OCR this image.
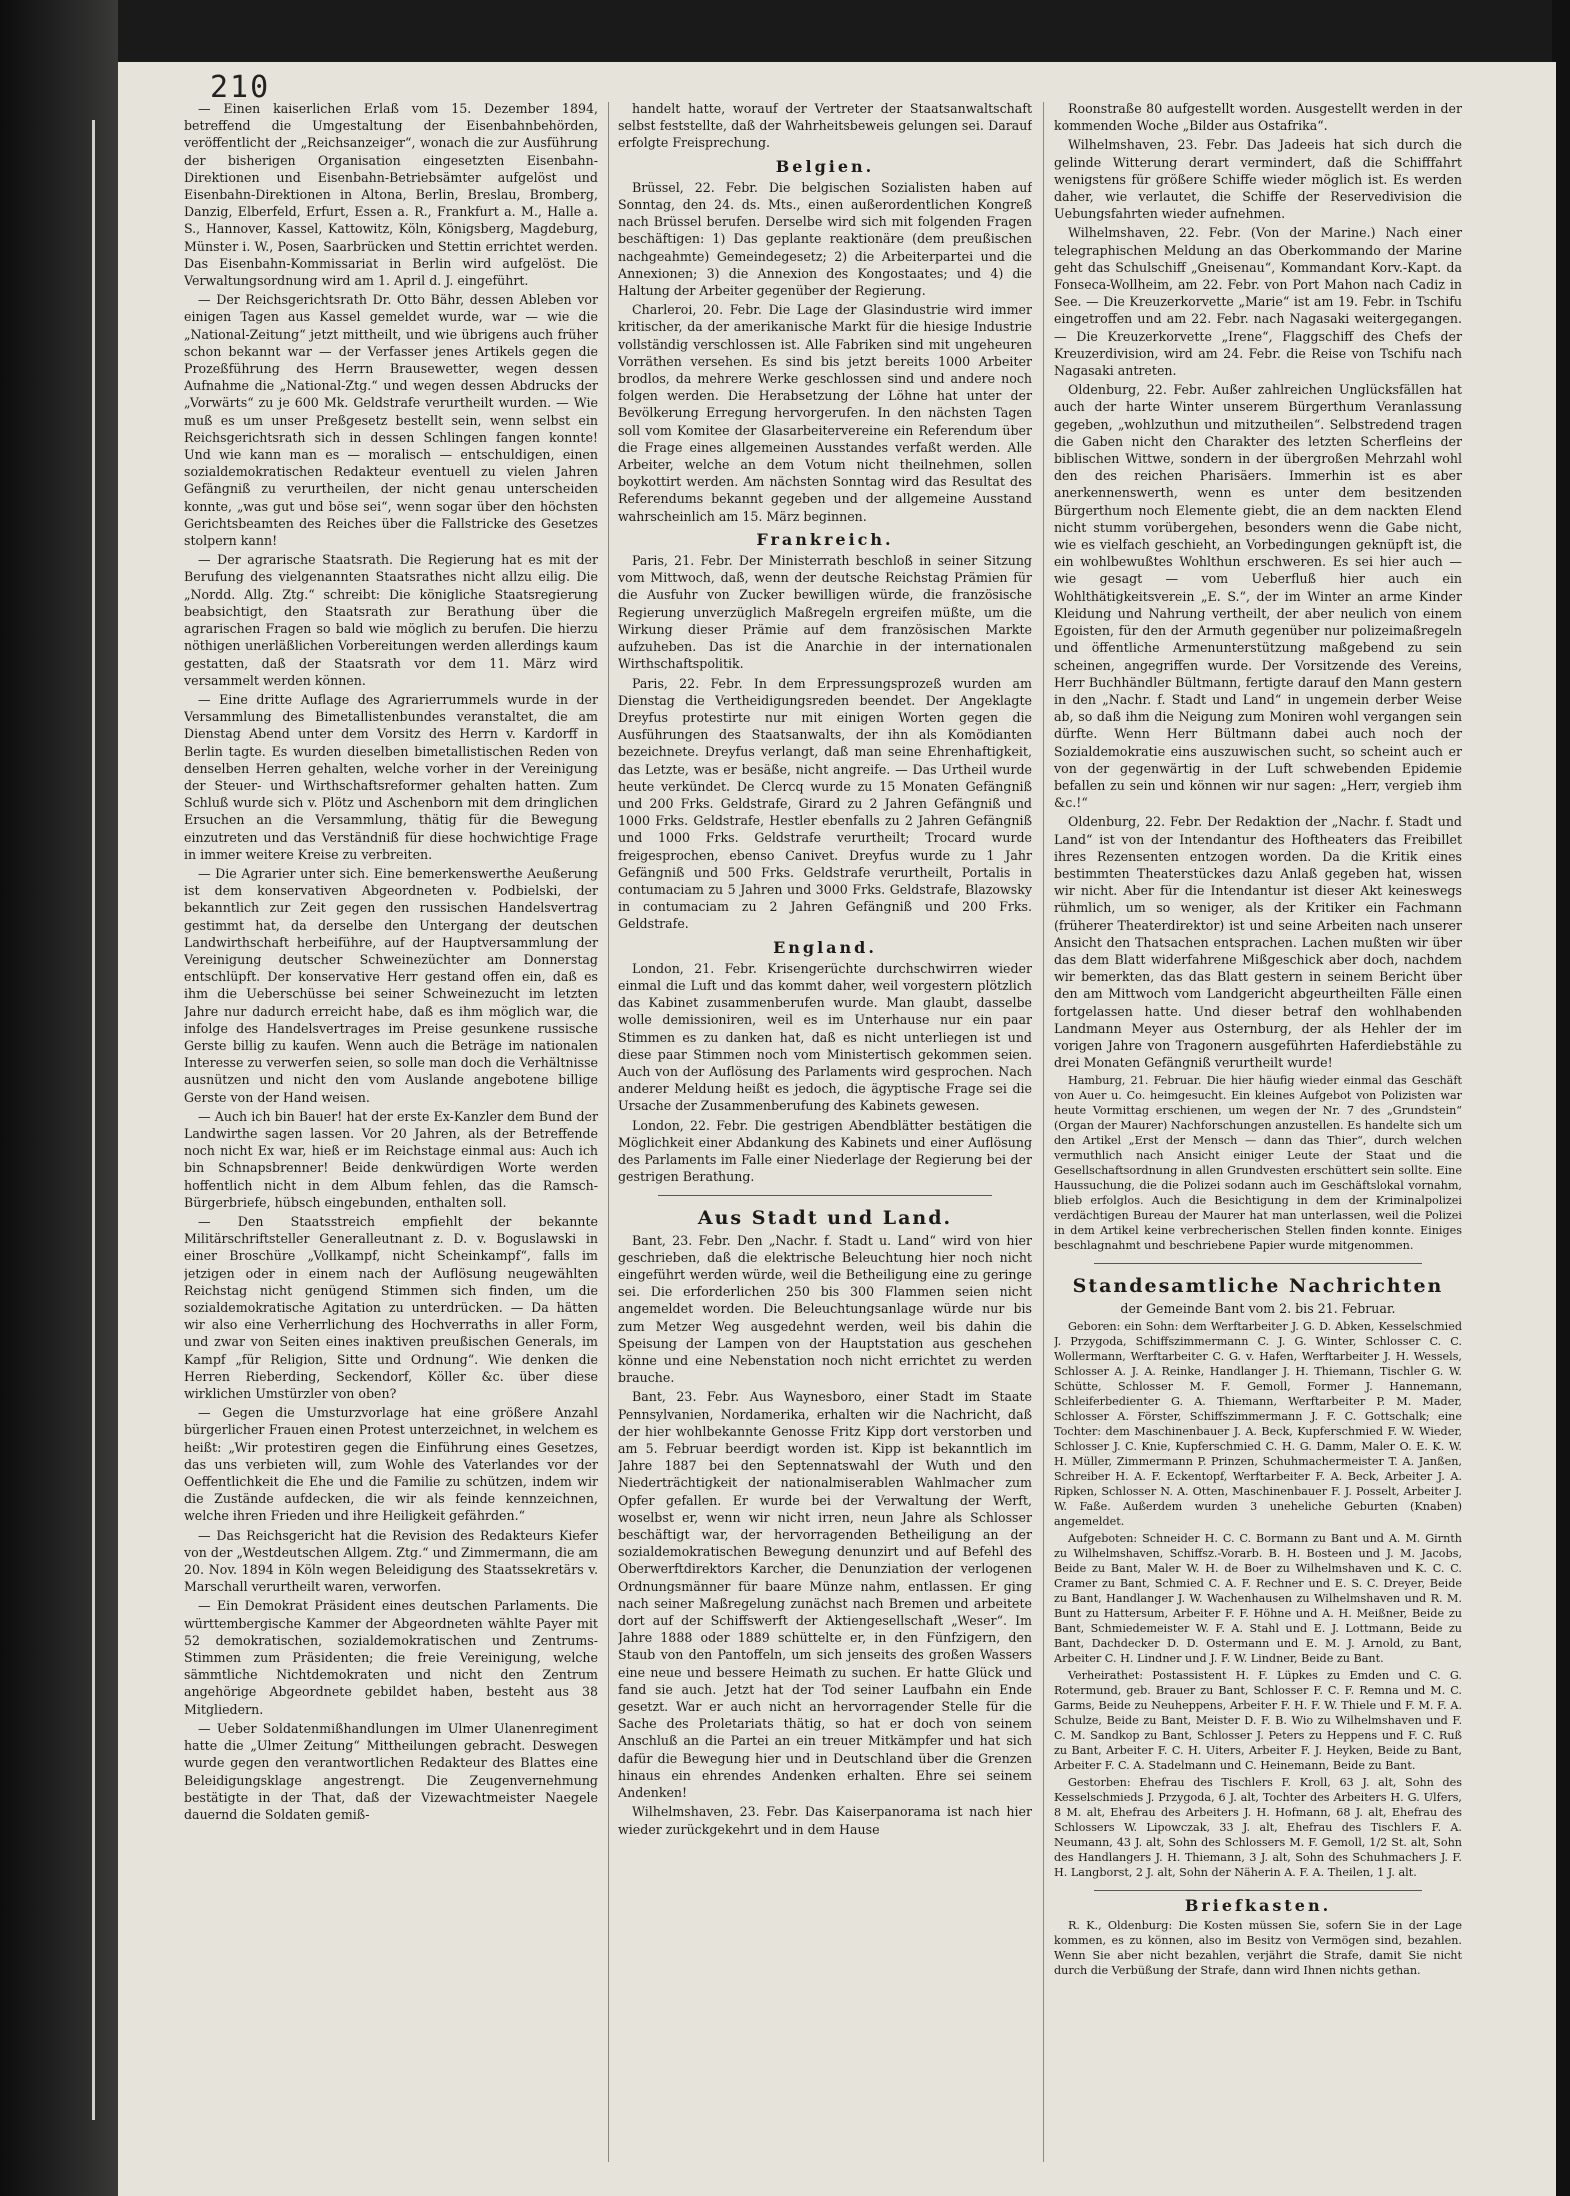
210

— Einen kaiserlichen Erlaß vom 15. Dezember 1894, betreffend die Umgestaltung der Eisenbahnbehörden, veröffentlicht der „Reichsanzeiger“, wonach die zur Ausführung der bisherigen Organisation eingesetzten Eisenbahn-Direktionen und Eisenbahn-Betriebsämter aufgelöst und Eisenbahn-Direktionen in Altona, Berlin, Breslau, Bromberg, Danzig, Elberfeld, Erfurt, Essen a. R., Frankfurt a. M., Halle a. S., Hannover, Kassel, Kattowitz, Köln, Königsberg, Magdeburg, Münster i. W., Posen, Saarbrücken und Stettin errichtet werden. Das Eisenbahn-Kommissariat in Berlin wird aufgelöst. Die Verwaltungsordnung wird am 1. April d. J. eingeführt.

— Der Reichsgerichtsrath Dr. Otto Bähr, dessen Ableben vor einigen Tagen aus Kassel gemeldet wurde, war — wie die „National-Zeitung“ jetzt mittheilt, und wie übrigens auch früher schon bekannt war — der Verfasser jenes Artikels gegen die Prozeßführung des Herrn Brausewetter, wegen dessen Aufnahme die „National-Ztg.“ und wegen dessen Abdrucks der „Vorwärts“ zu je 600 Mk. Geldstrafe verurtheilt wurden. — Wie muß es um unser Preßgesetz bestellt sein, wenn selbst ein Reichsgerichtsrath sich in dessen Schlingen fangen konnte! Und wie kann man es — moralisch — entschuldigen, einen sozialdemokratischen Redakteur eventuell zu vielen Jahren Gefängniß zu verurtheilen, der nicht genau unterscheiden konnte, „was gut und böse sei“, wenn sogar über den höchsten Gerichtsbeamten des Reiches über die Fallstricke des Gesetzes stolpern kann!

— Der agrarische Staatsrath. Die Regierung hat es mit der Berufung des vielgenannten Staatsrathes nicht allzu eilig. Die „Nordd. Allg. Ztg.“ schreibt: Die königliche Staatsregierung beabsichtigt, den Staatsrath zur Berathung über die agrarischen Fragen so bald wie möglich zu berufen. Die hierzu nöthigen unerläßlichen Vorbereitungen werden allerdings kaum gestatten, daß der Staatsrath vor dem 11. März wird versammelt werden können.

— Eine dritte Auflage des Agrarierrummels wurde in der Versammlung des Bimetallistenbundes veranstaltet, die am Dienstag Abend unter dem Vorsitz des Herrn v. Kardorff in Berlin tagte. Es wurden dieselben bimetallistischen Reden von denselben Herren gehalten, welche vorher in der Vereinigung der Steuer- und Wirthschaftsreformer gehalten hatten. Zum Schluß wurde sich v. Plötz und Aschenborn mit dem dringlichen Ersuchen an die Versammlung, thätig für die Bewegung einzutreten und das Verständniß für diese hochwichtige Frage in immer weitere Kreise zu verbreiten.

— Die Agrarier unter sich. Eine bemerkenswerthe Aeußerung ist dem konservativen Abgeordneten v. Podbielski, der bekanntlich zur Zeit gegen den russischen Handelsvertrag gestimmt hat, da derselbe den Untergang der deutschen Landwirthschaft herbeiführe, auf der Hauptversammlung der Vereinigung deutscher Schweinezüchter am Donnerstag entschlüpft. Der konservative Herr gestand offen ein, daß es ihm die Ueberschüsse bei seiner Schweinezucht im letzten Jahre nur dadurch erreicht habe, daß es ihm möglich war, die infolge des Handelsvertrages im Preise gesunkene russische Gerste billig zu kaufen. Wenn auch die Beträge im nationalen Interesse zu verwerfen seien, so solle man doch die Verhältnisse ausnützen und nicht den vom Auslande angebotene billige Gerste von der Hand weisen.

— Auch ich bin Bauer! hat der erste Ex-Kanzler dem Bund der Landwirthe sagen lassen. Vor 20 Jahren, als der Betreffende noch nicht Ex war, hieß er im Reichstage einmal aus: Auch ich bin Schnapsbrenner! Beide denkwürdigen Worte werden hoffentlich nicht in dem Album fehlen, das die Ramsch-Bürgerbriefe, hübsch eingebunden, enthalten soll.

— Den Staatsstreich empfiehlt der bekannte Militärschriftsteller Generalleutnant z. D. v. Boguslawski in einer Broschüre „Vollkampf, nicht Scheinkampf“, falls im jetzigen oder in einem nach der Auflösung neugewählten Reichstag nicht genügend Stimmen sich finden, um die sozialdemokratische Agitation zu unterdrücken. — Da hätten wir also eine Verherrlichung des Hochverraths in aller Form, und zwar von Seiten eines inaktiven preußischen Generals, im Kampf „für Religion, Sitte und Ordnung“. Wie denken die Herren Rieberding, Seckendorf, Köller &c. über diese wirklichen Umstürzler von oben?

— Gegen die Umsturzvorlage hat eine größere Anzahl bürgerlicher Frauen einen Protest unterzeichnet, in welchem es heißt: „Wir protestiren gegen die Einführung eines Gesetzes, das uns verbieten will, zum Wohle des Vaterlandes vor der Oeffentlichkeit die Ehe und die Familie zu schützen, indem wir die Zustände aufdecken, die wir als feinde kennzeichnen, welche ihren Frieden und ihre Heiligkeit gefährden.“

— Das Reichsgericht hat die Revision des Redakteurs Kiefer von der „Westdeutschen Allgem. Ztg.“ und Zimmermann, die am 20. Nov. 1894 in Köln wegen Beleidigung des Staatssekretärs v. Marschall verurtheilt waren, verworfen.

— Ein Demokrat Präsident eines deutschen Parlaments. Die württembergische Kammer der Abgeordneten wählte Payer mit 52 demokratischen, sozialdemokratischen und Zentrums-Stimmen zum Präsidenten; die freie Vereinigung, welche sämmtliche Nichtdemokraten und nicht den Zentrum angehörige Abgeordnete gebildet haben, besteht aus 38 Mitgliedern.

— Ueber Soldatenmißhandlungen im Ulmer Ulanenregiment hatte die „Ulmer Zeitung“ Mittheilungen gebracht. Deswegen wurde gegen den verantwortlichen Redakteur des Blattes eine Beleidigungsklage angestrengt. Die Zeugenvernehmung bestätigte in der That, daß der Vizewachtmeister Naegele dauernd die Soldaten gemiß-

handelt hatte, worauf der Vertreter der Staatsanwaltschaft selbst feststellte, daß der Wahrheitsbeweis gelungen sei. Darauf erfolgte Freisprechung.

Belgien.

Brüssel, 22. Febr. Die belgischen Sozialisten haben auf Sonntag, den 24. ds. Mts., einen außerordentlichen Kongreß nach Brüssel berufen. Derselbe wird sich mit folgenden Fragen beschäftigen: 1) Das geplante reaktionäre (dem preußischen nachgeahmte) Gemeindegesetz; 2) die Arbeiterpartei und die Annexionen; 3) die Annexion des Kongostaates; und 4) die Haltung der Arbeiter gegenüber der Regierung.

Charleroi, 20. Febr. Die Lage der Glasindustrie wird immer kritischer, da der amerikanische Markt für die hiesige Industrie vollständig verschlossen ist. Alle Fabriken sind mit ungeheuren Vorräthen versehen. Es sind bis jetzt bereits 1000 Arbeiter brodlos, da mehrere Werke geschlossen sind und andere noch folgen werden. Die Herabsetzung der Löhne hat unter der Bevölkerung Erregung hervorgerufen. In den nächsten Tagen soll vom Komitee der Glasarbeitervereine ein Referendum über die Frage eines allgemeinen Ausstandes verfaßt werden. Alle Arbeiter, welche an dem Votum nicht theilnehmen, sollen boykottirt werden. Am nächsten Sonntag wird das Resultat des Referendums bekannt gegeben und der allgemeine Ausstand wahrscheinlich am 15. März beginnen.

Frankreich.

Paris, 21. Febr. Der Ministerrath beschloß in seiner Sitzung vom Mittwoch, daß, wenn der deutsche Reichstag Prämien für die Ausfuhr von Zucker bewilligen würde, die französische Regierung unverzüglich Maßregeln ergreifen müßte, um die Wirkung dieser Prämie auf dem französischen Markte aufzuheben. Das ist die Anarchie in der internationalen Wirthschaftspolitik.

Paris, 22. Febr. In dem Erpressungsprozeß wurden am Dienstag die Vertheidigungsreden beendet. Der Angeklagte Dreyfus protestirte nur mit einigen Worten gegen die Ausführungen des Staatsanwalts, der ihn als Komödianten bezeichnete. Dreyfus verlangt, daß man seine Ehrenhaftigkeit, das Letzte, was er besäße, nicht angreife. — Das Urtheil wurde heute verkündet. De Clercq wurde zu 15 Monaten Gefängniß und 200 Frks. Geldstrafe, Girard zu 2 Jahren Gefängniß und 1000 Frks. Geldstrafe, Hestler ebenfalls zu 2 Jahren Gefängniß und 1000 Frks. Geldstrafe verurtheilt; Trocard wurde freigesprochen, ebenso Canivet. Dreyfus wurde zu 1 Jahr Gefängniß und 500 Frks. Geldstrafe verurtheilt, Portalis in contumaciam zu 5 Jahren und 3000 Frks. Geldstrafe, Blazowsky in contumaciam zu 2 Jahren Gefängniß und 200 Frks. Geldstrafe.

England.

London, 21. Febr. Krisengerüchte durchschwirren wieder einmal die Luft und das kommt daher, weil vorgestern plötzlich das Kabinet zusammenberufen wurde. Man glaubt, dasselbe wolle demissioniren, weil es im Unterhause nur ein paar Stimmen es zu danken hat, daß es nicht unterliegen ist und diese paar Stimmen noch vom Ministertisch gekommen seien. Auch von der Auflösung des Parlaments wird gesprochen. Nach anderer Meldung heißt es jedoch, die ägyptische Frage sei die Ursache der Zusammenberufung des Kabinets gewesen.

London, 22. Febr. Die gestrigen Abendblätter bestätigen die Möglichkeit einer Abdankung des Kabinets und einer Auflösung des Parlaments im Falle einer Niederlage der Regierung bei der gestrigen Berathung.

Aus Stadt und Land.

Bant, 23. Febr. Den „Nachr. f. Stadt u. Land“ wird von hier geschrieben, daß die elektrische Beleuchtung hier noch nicht eingeführt werden würde, weil die Betheiligung eine zu geringe sei. Die erforderlichen 250 bis 300 Flammen seien nicht angemeldet worden. Die Beleuchtungsanlage würde nur bis zum Metzer Weg ausgedehnt werden, weil bis dahin die Speisung der Lampen von der Hauptstation aus geschehen könne und eine Nebenstation noch nicht errichtet zu werden brauche.

Bant, 23. Febr. Aus Waynesboro, einer Stadt im Staate Pennsylvanien, Nordamerika, erhalten wir die Nachricht, daß der hier wohlbekannte Genosse Fritz Kipp dort verstorben und am 5. Februar beerdigt worden ist. Kipp ist bekanntlich im Jahre 1887 bei den Septennatswahl der Wuth und den Niederträchtigkeit der nationalmiserablen Wahlmacher zum Opfer gefallen. Er wurde bei der Verwaltung der Werft, woselbst er, wenn wir nicht irren, neun Jahre als Schlosser beschäftigt war, der hervorragenden Betheiligung an der sozialdemokratischen Bewegung denunzirt und auf Befehl des Oberwerftdirektors Karcher, die Denunziation der verlogenen Ordnungsmänner für baare Münze nahm, entlassen. Er ging nach seiner Maßregelung zunächst nach Bremen und arbeitete dort auf der Schiffswerft der Aktiengesellschaft „Weser“. Im Jahre 1888 oder 1889 schüttelte er, in den Fünfzigern, den Staub von den Pantoffeln, um sich jenseits des großen Wassers eine neue und bessere Heimath zu suchen. Er hatte Glück und fand sie auch. Jetzt hat der Tod seiner Laufbahn ein Ende gesetzt. War er auch nicht an hervorragender Stelle für die Sache des Proletariats thätig, so hat er doch von seinem Anschluß an die Partei an ein treuer Mitkämpfer und hat sich dafür die Bewegung hier und in Deutschland über die Grenzen hinaus ein ehrendes Andenken erhalten. Ehre sei seinem Andenken!

Wilhelmshaven, 23. Febr. Das Kaiserpanorama ist nach hier wieder zurückgekehrt und in dem Hause

Roonstraße 80 aufgestellt worden. Ausgestellt werden in der kommenden Woche „Bilder aus Ostafrika“.

Wilhelmshaven, 23. Febr. Das Jadeeis hat sich durch die gelinde Witterung derart vermindert, daß die Schifffahrt wenigstens für größere Schiffe wieder möglich ist. Es werden daher, wie verlautet, die Schiffe der Reservedivision die Uebungsfahrten wieder aufnehmen.

Wilhelmshaven, 22. Febr. (Von der Marine.) Nach einer telegraphischen Meldung an das Oberkommando der Marine geht das Schulschiff „Gneisenau“, Kommandant Korv.-Kapt. da Fonseca-Wollheim, am 22. Febr. von Port Mahon nach Cadiz in See. — Die Kreuzerkorvette „Marie“ ist am 19. Febr. in Tschifu eingetroffen und am 22. Febr. nach Nagasaki weitergegangen. — Die Kreuzerkorvette „Irene“, Flaggschiff des Chefs der Kreuzerdivision, wird am 24. Febr. die Reise von Tschifu nach Nagasaki antreten.

Oldenburg, 22. Febr. Außer zahlreichen Unglücksfällen hat auch der harte Winter unserem Bürgerthum Veranlassung gegeben, „wohlzuthun und mitzutheilen“. Selbstredend tragen die Gaben nicht den Charakter des letzten Scherfleins der biblischen Wittwe, sondern in der übergroßen Mehrzahl wohl den des reichen Pharisäers. Immerhin ist es aber anerkennenswerth, wenn es unter dem besitzenden Bürgerthum noch Elemente giebt, die an dem nackten Elend nicht stumm vorübergehen, besonders wenn die Gabe nicht, wie es vielfach geschieht, an Vorbedingungen geknüpft ist, die ein wohlbewußtes Wohlthun erschweren. Es sei hier auch — wie gesagt — vom Ueberfluß hier auch ein Wohlthätigkeitsverein „E. S.“, der im Winter an arme Kinder Kleidung und Nahrung vertheilt, der aber neulich von einem Egoisten, für den der Armuth gegenüber nur polizeimaßregeln und öffentliche Armenunterstützung maßgebend zu sein scheinen, angegriffen wurde. Der Vorsitzende des Vereins, Herr Buchhändler Bültmann, fertigte darauf den Mann gestern in den „Nachr. f. Stadt und Land“ in ungemein derber Weise ab, so daß ihm die Neigung zum Moniren wohl vergangen sein dürfte. Wenn Herr Bültmann dabei auch noch der Sozialdemokratie eins auszuwischen sucht, so scheint auch er von der gegenwärtig in der Luft schwebenden Epidemie befallen zu sein und können wir nur sagen: „Herr, vergieb ihm &c.!“

Oldenburg, 22. Febr. Der Redaktion der „Nachr. f. Stadt und Land“ ist von der Intendantur des Hoftheaters das Freibillet ihres Rezensenten entzogen worden. Da die Kritik eines bestimmten Theaterstückes dazu Anlaß gegeben hat, wissen wir nicht. Aber für die Intendantur ist dieser Akt keineswegs rühmlich, um so weniger, als der Kritiker ein Fachmann (früherer Theaterdirektor) ist und seine Arbeiten nach unserer Ansicht den Thatsachen entsprachen. Lachen mußten wir über das dem Blatt widerfahrene Mißgeschick aber doch, nachdem wir bemerkten, das das Blatt gestern in seinem Bericht über den am Mittwoch vom Landgericht abgeurtheilten Fälle einen fortgelassen hatte. Und dieser betraf den wohlhabenden Landmann Meyer aus Osternburg, der als Hehler der im vorigen Jahre von Tragonern ausgeführten Haferdiebstähle zu drei Monaten Gefängniß verurtheilt wurde!

Hamburg, 21. Februar. Die hier häufig wieder einmal das Geschäft von Auer u. Co. heimgesucht. Ein kleines Aufgebot von Polizisten war heute Vormittag erschienen, um wegen der Nr. 7 des „Grundstein“ (Organ der Maurer) Nachforschungen anzustellen. Es handelte sich um den Artikel „Erst der Mensch — dann das Thier“, durch welchen vermuthlich nach Ansicht einiger Leute der Staat und die Gesellschaftsordnung in allen Grundvesten erschüttert sein sollte. Eine Haussuchung, die die Polizei sodann auch im Geschäftslokal vornahm, blieb erfolglos. Auch die Besichtigung in dem der Kriminalpolizei verdächtigen Bureau der Maurer hat man unterlassen, weil die Polizei in dem Artikel keine verbrecherischen Stellen finden konnte. Einiges beschlagnahmt und beschriebene Papier wurde mitgenommen.

Standesamtliche Nachrichten

der Gemeinde Bant vom 2. bis 21. Februar.

Geboren: ein Sohn: dem Werftarbeiter J. G. D. Abken, Kesselschmied J. Przygoda, Schiffszimmermann C. J. G. Winter, Schlosser C. C. Wollermann, Werftarbeiter C. G. v. Hafen, Werftarbeiter J. H. Wessels, Schlosser A. J. A. Reinke, Handlanger J. H. Thiemann, Tischler G. W. Schütte, Schlosser M. F. Gemoll, Former J. Hannemann, Schleiferbedienter G. A. Thiemann, Werftarbeiter P. M. Mader, Schlosser A. Förster, Schiffszimmermann J. F. C. Gottschalk; eine Tochter: dem Maschinenbauer J. A. Beck, Kupferschmied F. W. Wieder, Schlosser J. C. Knie, Kupferschmied C. H. G. Damm, Maler O. E. K. W. H. Müller, Zimmermann P. Prinzen, Schuhmachermeister T. A. Janßen, Schreiber H. A. F. Eckentopf, Werftarbeiter F. A. Beck, Arbeiter J. A. Ripken, Schlosser N. A. Otten, Maschinenbauer F. J. Posselt, Arbeiter J. W. Faße. Außerdem wurden 3 uneheliche Geburten (Knaben) angemeldet.

Aufgeboten: Schneider H. C. C. Bormann zu Bant und A. M. Girnth zu Wilhelmshaven, Schiffsz.-Vorarb. B. H. Bosteen und J. M. Jacobs, Beide zu Bant, Maler W. H. de Boer zu Wilhelmshaven und K. C. C. Cramer zu Bant, Schmied C. A. F. Rechner und E. S. C. Dreyer, Beide zu Bant, Handlanger J. W. Wachenhausen zu Wilhelmshaven und R. M. Bunt zu Hattersum, Arbeiter F. F. Höhne und A. H. Meißner, Beide zu Bant, Schmiedemeister W. F. A. Stahl und E. J. Lottmann, Beide zu Bant, Dachdecker D. D. Ostermann und E. M. J. Arnold, zu Bant, Arbeiter C. H. Lindner und J. F. W. Lindner, Beide zu Bant.

Verheirathet: Postassistent H. F. Lüpkes zu Emden und C. G. Rotermund, geb. Brauer zu Bant, Schlosser F. C. F. Remna und M. C. Garms, Beide zu Neuheppens, Arbeiter F. H. F. W. Thiele und F. M. F. A. Schulze, Beide zu Bant, Meister D. F. B. Wio zu Wilhelmshaven und F. C. M. Sandkop zu Bant, Schlosser J. Peters zu Heppens und F. C. Ruß zu Bant, Arbeiter F. C. H. Uiters, Arbeiter F. J. Heyken, Beide zu Bant, Arbeiter F. C. A. Stadelmann und C. Heinemann, Beide zu Bant.

Gestorben: Ehefrau des Tischlers F. Kroll, 63 J. alt, Sohn des Kesselschmieds J. Przygoda, 6 J. alt, Tochter des Arbeiters H. G. Ulfers, 8 M. alt, Ehefrau des Arbeiters J. H. Hofmann, 68 J. alt, Ehefrau des Schlossers W. Lipowczak, 33 J. alt, Ehefrau des Tischlers F. A. Neumann, 43 J. alt, Sohn des Schlossers M. F. Gemoll, 1/2 St. alt, Sohn des Handlangers J. H. Thiemann, 3 J. alt, Sohn des Schuhmachers J. F. H. Langborst, 2 J. alt, Sohn der Näherin A. F. A. Theilen, 1 J. alt.

Briefkasten.

R. K., Oldenburg: Die Kosten müssen Sie, sofern Sie in der Lage kommen, es zu können, also im Besitz von Vermögen sind, bezahlen. Wenn Sie aber nicht bezahlen, verjährt die Strafe, damit Sie nicht durch die Verbüßung der Strafe, dann wird Ihnen nichts gethan.
